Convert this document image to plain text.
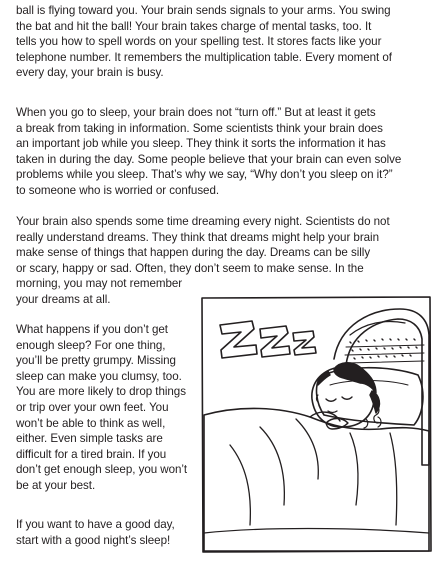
ball is flying toward you. Your brain sends signals to your arms. You swing
the bat and hit the ball! Your brain takes charge of mental tasks, too. It
tells you how to spell words on your spelling test. It stores facts like your
telephone number. It remembers the multiplication table. Every moment of
every day, your brain is busy.

When you go to sleep, your brain does not “turn off.” But at least it gets
a break from taking in information. Some scientists think your brain does
an important job while you sleep. They think it sorts the information it has
taken in during the day. Some people believe that your brain can even solve
problems while you sleep. That’s why we say, “Why don’t you sleep on it?”
to someone who is worried or confused.

Your brain also spends some time dreaming every night. Scientists do not
really understand dreams. They think that dreams might help your brain
make sense of things that happen during the day. Dreams can be silly
or scary, happy or sad. Often, they don’t seem to make sense. In the

morning, you may not remember
your dreams at all.

What happens if you don’t get
enough sleep? For one thing,
you’ll be pretty grumpy. Missing
sleep can make you clumsy, too.
You are more likely to drop things
or trip over your own feet. You
won’t be able to think as well,
either. Even simple tasks are
difficult for a tired brain. If you
don’t get enough sleep, you won’t
be at your best.

If you want to have a good day,
start with a good night’s sleep!
